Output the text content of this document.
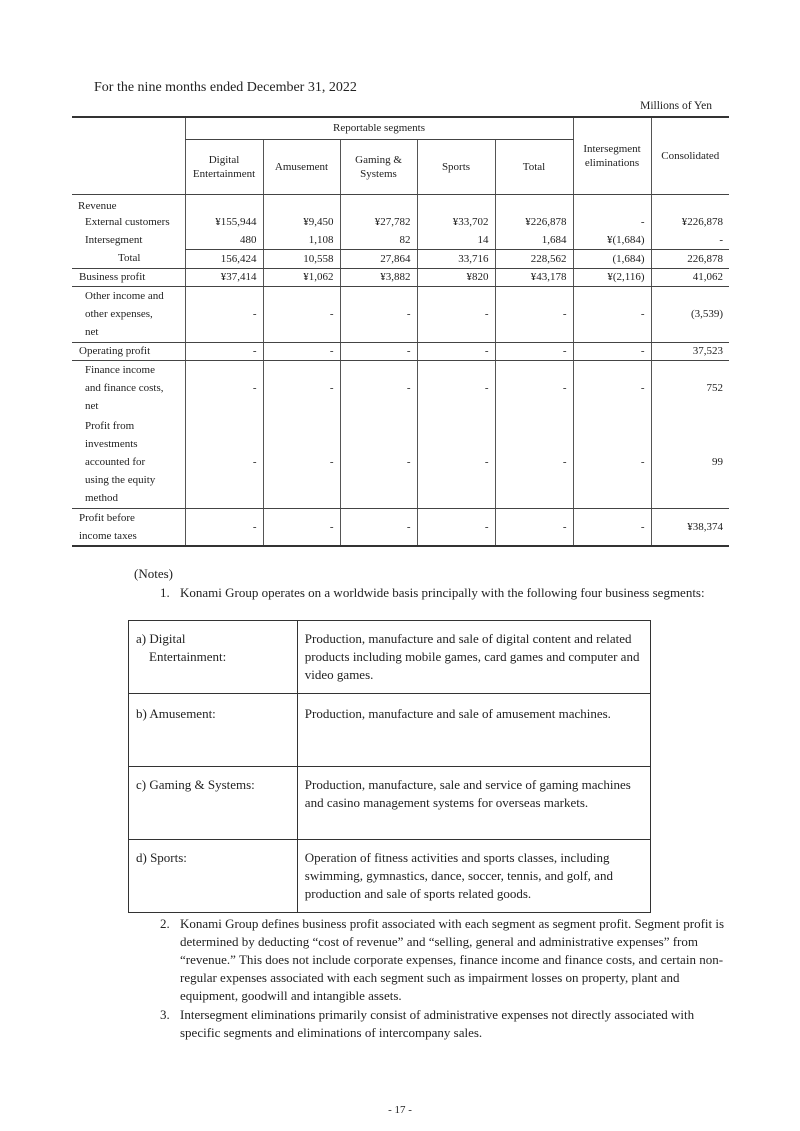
For the nine months ended December 31, 2022
Millions of Yen
	Reportable segments					Intersegment
eliminations	Consolidated
	Digital
Entertainment	Amusement	Gaming &
Systems	Sports	Total		
Revenue							
External customers	¥155,944	¥9,450	¥27,782	¥33,702	¥226,878	-	¥226,878
Intersegment	480	1,108	82	14	1,684	¥(1,684)	-
Total	156,424	10,558	27,864	33,716	228,562	(1,684)	226,878
Business profit	¥37,414	¥1,062	¥3,882	¥820	¥43,178	¥(2,116)	41,062
Other income and
other expenses,
net	-	-	-	-	-	-	(3,539)
Operating profit	-	-	-	-	-	-	37,523
Finance income
and finance costs,
net	-	-	-	-	-	-	752
Profit from
investments
accounted for
using the equity
method	-	-	-	-	-	-	99
Profit before
income taxes	-	-	-	-	-	-	¥38,374
(Notes)
1. Konami Group operates on a worldwide basis principally with the following four business segments:
a) Digital
Entertainment:	Production, manufacture and sale of digital content and related products including mobile games, card games and computer and video games.
b) Amusement:	Production, manufacture and sale of amusement machines.
c) Gaming & Systems:	Production, manufacture, sale and service of gaming machines and casino management systems for overseas markets.
d) Sports:	Operation of fitness activities and sports classes, including swimming, gymnastics, dance, soccer, tennis, and golf, and production and sale of sports related goods.
2. Konami Group defines business profit associated with each segment as segment profit. Segment profit is determined by deducting “cost of revenue” and “selling, general and administrative expenses” from “revenue.” This does not include corporate expenses, finance income and finance costs, and certain non-regular expenses associated with each segment such as impairment losses on property, plant and equipment, goodwill and intangible assets.
3. Intersegment eliminations primarily consist of administrative expenses not directly associated with specific segments and eliminations of intercompany sales.
- 17 -
